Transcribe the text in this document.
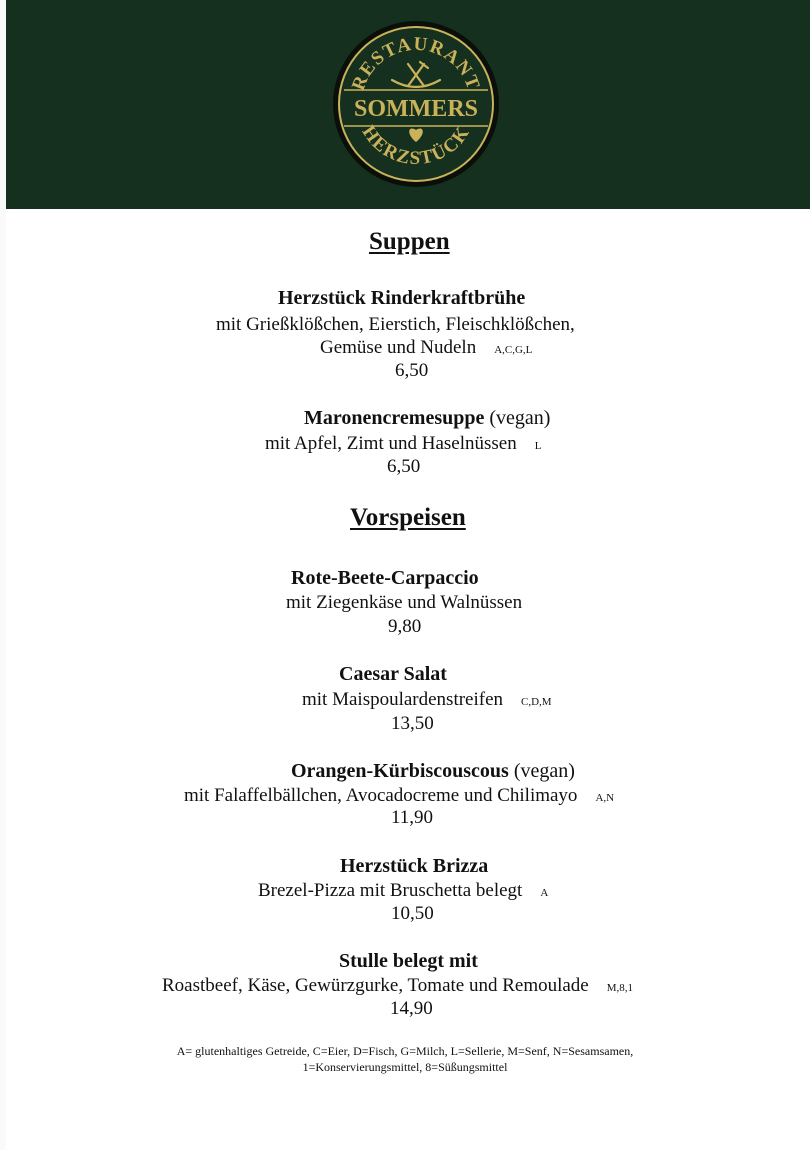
RESTAURANT
HERZSTÜCK
SOMMERS
Suppen
Herzstück Rinderkraftbrühe
mit Grießklößchen, Eierstich, Fleischklößchen,
Gemüse und Nudeln A,C,G,L
6,50
Maronencremesuppe (vegan)
mit Apfel, Zimt und Haselnüssen L
6,50
Vorspeisen
Rote-Beete-Carpaccio
mit Ziegenkäse und Walnüssen
9,80
Caesar Salat
mit Maispoulardenstreifen C,D,M
13,50
Orangen-Kürbiscouscous (vegan)
mit Falaffelbällchen, Avocadocreme und Chilimayo A,N
11,90
Herzstück Brizza
Brezel-Pizza mit Bruschetta belegt A
10,50
Stulle belegt mit
Roastbeef, Käse, Gewürzgurke, Tomate und Remoulade M,8,1
14,90
A= glutenhaltiges Getreide, C=Eier, D=Fisch, G=Milch, L=Sellerie, M=Senf, N=Sesamsamen,
1=Konservierungsmittel, 8=Süßungsmittel
